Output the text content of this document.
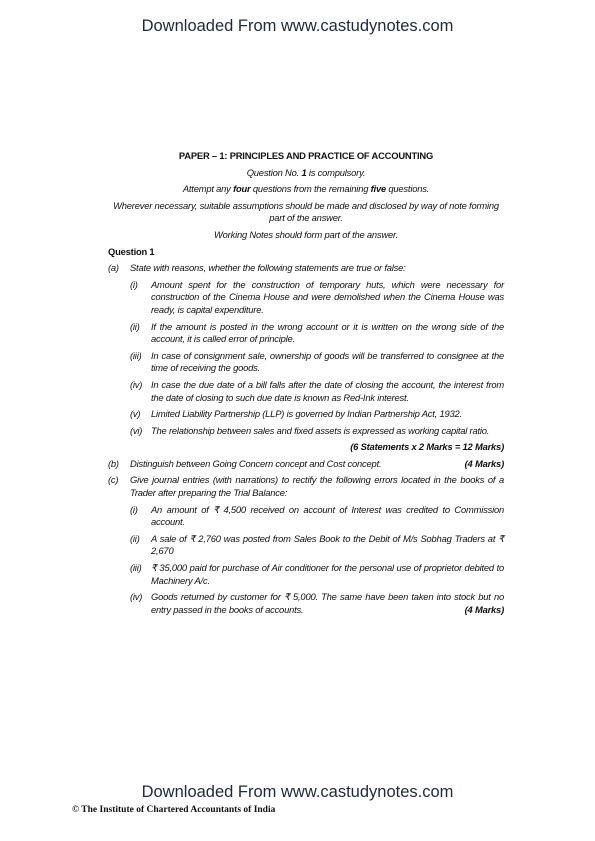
Downloaded From www.castudynotes.com
PAPER – 1: PRINCIPLES AND PRACTICE OF ACCOUNTING
Question No. 1 is compulsory.
Attempt any four questions from the remaining five questions.
Wherever necessary, suitable assumptions should be made and disclosed by way of note forming part of the answer.
Working Notes should form part of the answer.
Question 1
(a)	State with reasons, whether the following statements are true or false:
(i)	Amount spent for the construction of temporary huts, which were necessary for construction of the Cinema House and were demolished when the Cinema House was ready, is capital expenditure.
(ii)	If the amount is posted in the wrong account or it is written on the wrong side of the account, it is called error of principle.
(iii)	In case of consignment sale, ownership of goods will be transferred to consignee at the time of receiving the goods.
(iv) In case the due date of a bill falls after the date of closing the account, the interest from the date of closing to such due date is known as Red-Ink interest.
(v)	Limited Liability Partnership (LLP) is governed by Indian Partnership Act, 1932.
(vi) The relationship between sales and fixed assets is expressed as working capital ratio.
(6 Statements x 2 Marks = 12 Marks)
(b)	Distinguish between Going Concern concept and Cost concept.	(4 Marks)
(c)	Give journal entries (with narrations) to rectify the following errors located in the books of a Trader after preparing the Trial Balance:
(i)	An amount of ₹ 4,500 received on account of Interest was credited to Commission account.
(ii)	A sale of ₹ 2,760 was posted from Sales Book to the Debit of M/s Sobhag Traders at ₹ 2,670
(iii)	₹ 35,000 paid for purchase of Air conditioner for the personal use of proprietor debited to Machinery A/c.
(iv) Goods returned by customer for ₹ 5,000. The same have been taken into stock but no entry passed in the books of accounts.	(4 Marks)
Downloaded From www.castudynotes.com
© The Institute of Chartered Accountants of India
